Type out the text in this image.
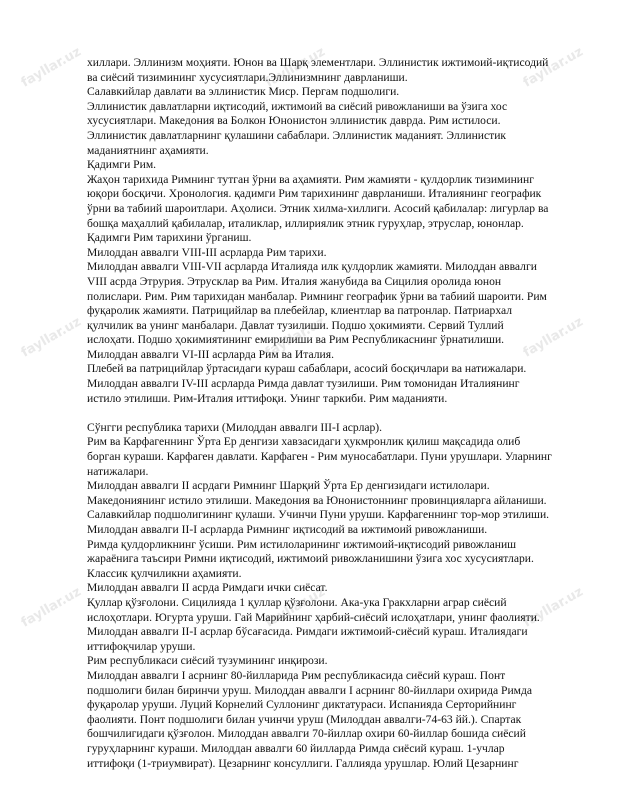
fayllar.uz	fayllar.uz	fayllar.uz
fayllar.uz	fayllar.uz	fayllar.uz
fayllar.uz	fayllar.uz	fayllar.uz
хиллари. Эллинизм моҳияти. Юнон ва Шарқ элементлари. Эллинистик ижтимоий-иқтисодий
ва сиёсий тизимининг хусусиятлари.Эллинизмнинг даврланиши.
Салавкийлар давлати ва эллинистик Миср. Пергам подшолиги.
Эллинистик давлатларни иқтисодий, ижтимоий ва сиёсий ривожланиши ва ўзига хос
хусусиятлари. Македония ва Болкон Юнонистон эллинистик даврда. Рим истилоси.
Эллинистик давлатларнинг қулашини сабаблари. Эллинистик маданият. Эллинистик
маданиятнинг аҳамияти.
Қадимги Рим.
Жаҳон тарихида Римнинг тутган ўрни ва аҳамияти. Рим жамияти - қулдорлик тизимининг
юқори босқичи. Хронология. қадимги Рим тарихининг даврланиши. Италиянинг географик
ўрни ва табиий шароитлари. Аҳолиси. Этник хилма-хиллиги. Асосий қабилалар: лигурлар ва
бошқа маҳаллий қабилалар, италиклар, иллириялик этник гуруҳлар, этруслар, юнонлар.
Қадимги Рим тарихини ўрганиш.
Милоддан аввалги VIII-III асрларда Рим тарихи.
Милоддан аввалги VIII-VII асрларда Италияда илк қулдорлик жамияти. Милоддан аввалги
VIII асрда Этрурия. Этрусклар ва Рим. Италия жанубида ва Сицилия оролида юнон
полислари. Рим. Рим тарихидан манбалар. Римнинг географик ўрни ва табиий шароити. Рим
фуқаролик жамияти. Патрицийлар ва плебейлар, клиентлар ва патронлар. Патриархал
қулчилик ва унинг манбалари. Давлат тузилиши. Подшо ҳокимияти. Сервий Туллий
ислоҳати. Подшо ҳокимиятининг емирилиши ва Рим Республикаснинг ўрнатилиши.
Милоддан аввалги VI-III асрларда Рим ва Италия.
Плебей ва патрицийлар ўртасидаги кураш сабаблари, асосий босқичлари ва натижалари.
Милоддан аввалги IV-III асрларда Римда давлат тузилиши. Рим томонидан Италиянинг
истило этилиши. Рим-Италия иттифоқи. Унинг таркиби. Рим маданияти.
Сўнгги республика тарихи (Милоддан аввалги III-I асрлар).
Рим ва Карфагеннинг Ўрта Ер денгизи хавзасидаги ҳукмронлик қилиш мақсадида олиб
борган кураши. Карфаген давлати. Карфаген - Рим муносабатлари. Пуни урушлари. Уларнинг
натижалари.
Милоддан аввалги II асрдаги Римнинг Шарқий Ўрта Ер денгизидаги истилолари.
Македониянинг истило этилиши. Македония ва Юнонистоннинг провинцияларга айланиши.
Салавкийлар подшолигининг қулаши. Учинчи Пуни уруши. Карфагеннинг тор-мор этилиши.
Милоддан аввалги II-I асрларда Римнинг иқтисодий ва ижтимоий ривожланиши.
Римда қулдорликнинг ўсиши. Рим истилоларининг ижтимоий-иқтисодий ривожланиш
жараёнига таъсири Римни иқтисодий, ижтимоий ривожланишини ўзига хос хусусиятлари.
Классик қулчиликни аҳамияти.
Милоддан аввалги II асрда Римдаги ички сиёсат.
Қуллар қўзғолони. Сицилияда 1 қуллар қўзғолони. Ака-ука Гракхларни аграр сиёсий
ислоҳотлари. Югурта уруши. Гай Марийнинг ҳарбий-сиёсий ислоҳатлари, унинг фаолияти.
Милоддан аввалги II-I асрлар бўсағасида. Римдаги ижтимоий-сиёсий кураш. Италиядаги
иттифоқчилар уруши.
Рим республикаси сиёсий тузумининг инқирози.
Милоддан аввалги I асрнинг 80-йилларида Рим республикасида сиёсий кураш. Понт
подшолиги билан биринчи уруш. Милоддан аввалги I асрнинг 80-йиллари охирида Римда
фуқаролар уруши. Луций Корнелий Суллонинг диктатураси. Испанияда Серторийнинг
фаолияти. Понт подшолиги билан учинчи уруш (Милоддан аввалги-74-63 йй.). Спартак
бошчилигидаги қўзғолон. Милоддан аввалги 70-йиллар охири 60-йиллар бошида сиёсий
гуруҳларнинг кураши. Милоддан аввалги 60 йилларда Римда сиёсий кураш. 1-учлар
иттифоқи (1-триумвират). Цезарнинг консуллиги. Галлияда урушлар. Юлий Цезарнинг
